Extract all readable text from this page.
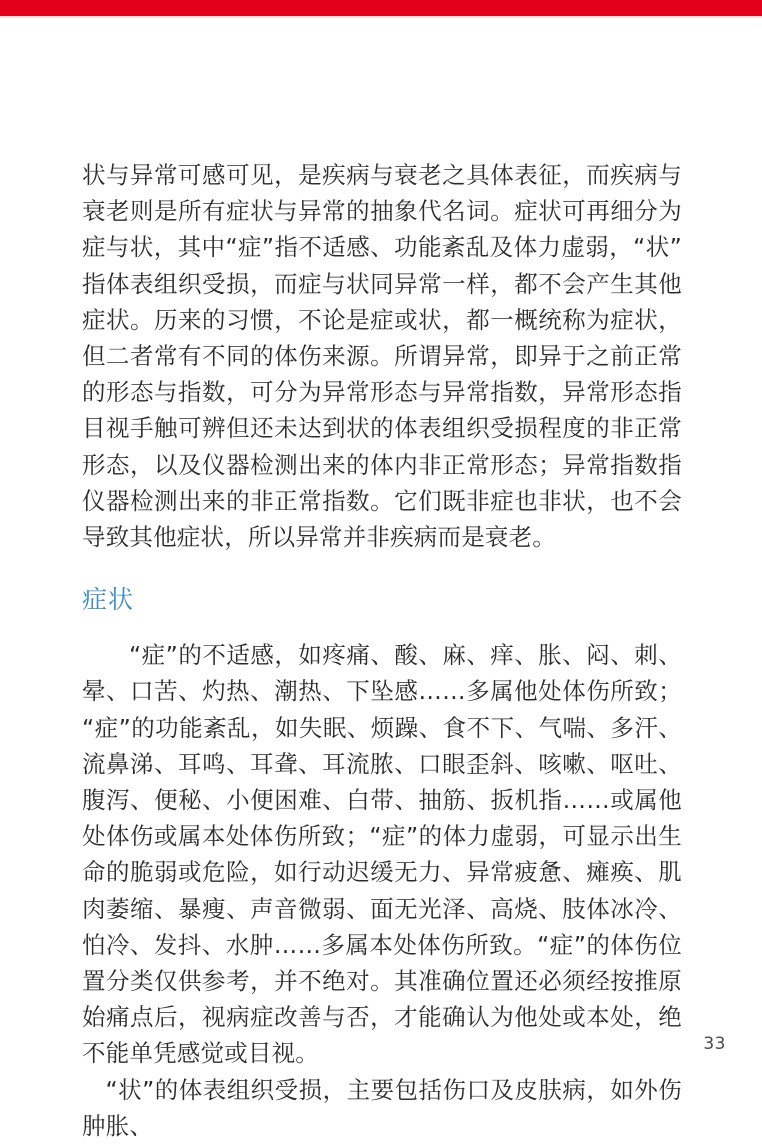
状与异常可感可见，是疾病与衰老之具体表征，而疾病与衰老则是所有症状与异常的抽象代名词。症状可再细分为症与状，其中“症”指不适感、功能紊乱及体力虚弱，“状”指体表组织受损，而症与状同异常一样，都不会产生其他症状。历来的习惯，不论是症或状，都一概统称为症状，但二者常有不同的体伤来源。所谓异常，即异于之前正常的形态与指数，可分为异常形态与异常指数，异常形态指目视手触可辨但还未达到状的体表组织受损程度的非正常形态，以及仪器检测出来的体内非正常形态；异常指数指仪器检测出来的非正常指数。它们既非症也非状，也不会导致其他症状，所以异常并非疾病而是衰老。

症状

“症”的不适感，如疼痛、酸、麻、痒、胀、闷、刺、晕、口苦、灼热、潮热、下坠感……多属他处体伤所致；“症”的功能紊乱，如失眠、烦躁、食不下、气喘、多汗、流鼻涕、耳鸣、耳聋、耳流脓、口眼歪斜、咳嗽、呕吐、腹泻、便秘、小便困难、白带、抽筋、扳机指……或属他处体伤或属本处体伤所致；“症”的体力虚弱，可显示出生命的脆弱或危险，如行动迟缓无力、异常疲惫、瘫痪、肌肉萎缩、暴瘦、声音微弱、面无光泽、高烧、肢体冰冷、怕冷、发抖、水肿……多属本处体伤所致。“症”的体伤位置分类仅供参考，并不绝对。其准确位置还必须经按推原始痛点后，视病症改善与否，才能确认为他处或本处，绝不能单凭感觉或目视。

“状”的体表组织受损，主要包括伤口及皮肤病，如外伤肿胀、

33
